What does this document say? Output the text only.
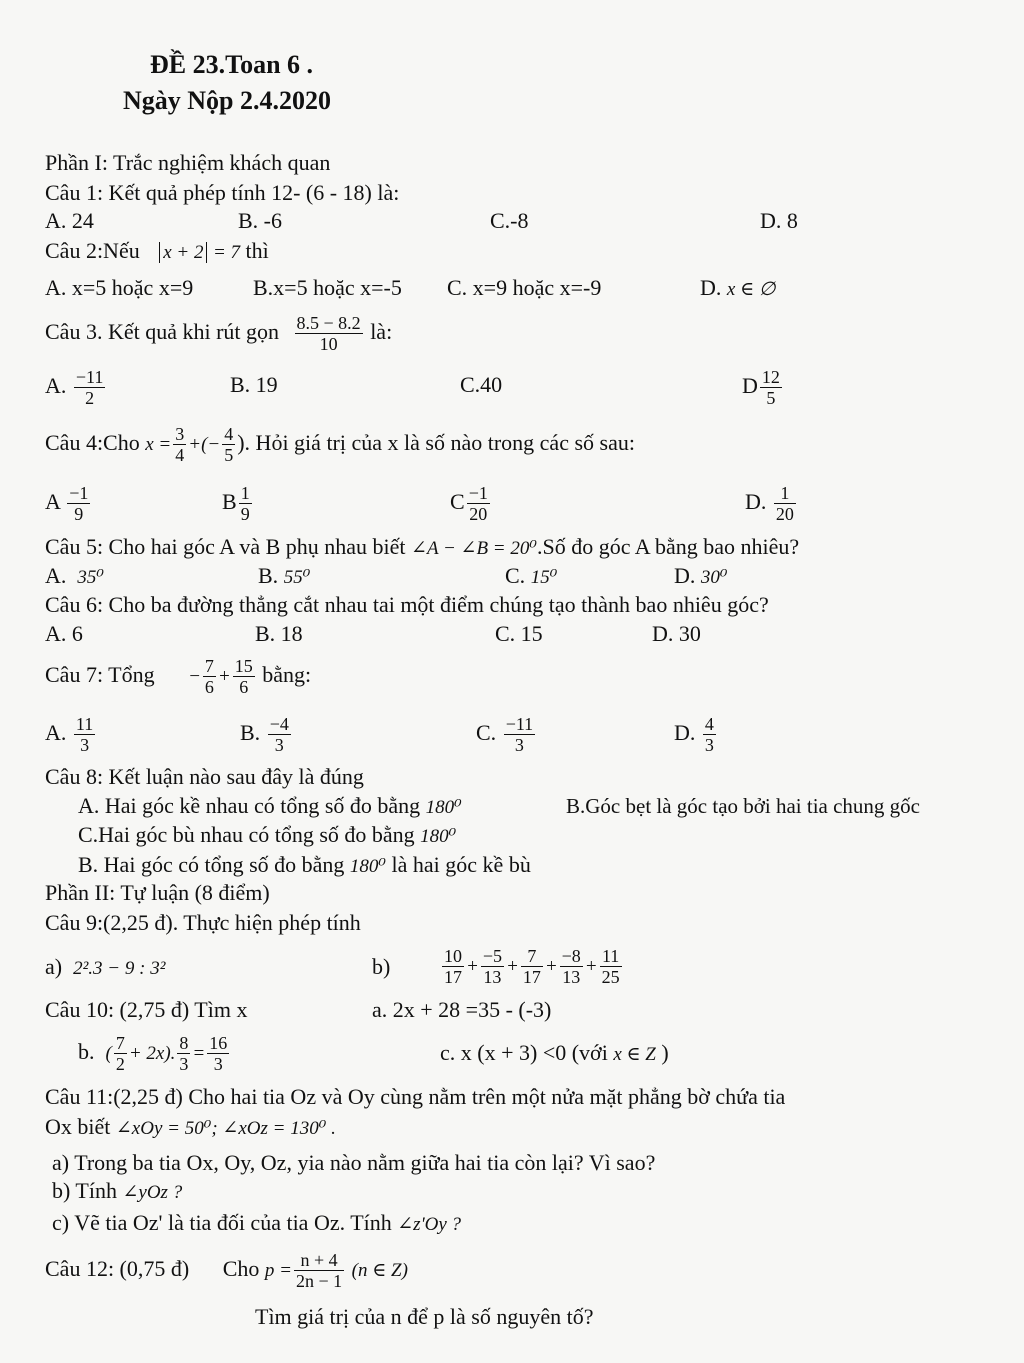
ĐỀ 23.Toan 6 .
Ngày Nộp 2.4.2020
Phần I: Trắc nghiệm khách quan
Câu 1: Kết quả phép tính 12- (6 - 18) là:
A. 24	B. -6	C.-8	D. 8
Câu 2:Nếu x + 2 = 7 thì
A. x=5 hoặc x=9	B.x=5 hoặc x=-5 C. x=9 hoặc x=-9	D. x ∈ ∅
Câu 3. Kết quả khi rút gọn $\frac{8.5 - 8.2}{10}$ là:
A. $\frac{-11}{2}$	B. 19	C.40	D $\frac{12}{5}$
Câu 4:Cho $x = \frac{3}{4}$ +(− $\frac{4}{5}$ ). Hỏi giá trị của x là số nào trong các số sau:
A $\frac{-1}{9}$	B $\frac{1}{9}$	C $\frac{-1}{20}$	D. $\frac{1}{20}$
Câu 5: Cho hai góc A và B phụ nhau biết ∠A − ∠B = 20⁰.Số đo góc A bằng bao nhiêu?
A. 35⁰	B. 55⁰	C. 15⁰	D. 30⁰
Câu 6: Cho ba đường thẳng cắt nhau tai một điểm chúng tạo thành bao nhiêu góc?
A. 6	B. 18	C. 15	D. 30
Câu 7: Tổng − $\frac{7}{6} + \frac{15}{6}$ bằng:
A. $\frac{11}{3}$	B. $\frac{-4}{3}$	C. $\frac{-11}{3}$	D. $\frac{4}{3}$
Câu 8: Kết luận nào sau đây là đúng
A. Hai góc kề nhau có tổng số đo bằng 180⁰	B.Góc bẹt là góc tạo bởi hai tia chung gốc
C.Hai góc bù nhau có tổng số đo bằng 180⁰
B. Hai góc có tổng số đo bằng 180⁰ là hai góc kề bù
Phần II: Tự luận (8 điểm)
Câu 9:(2,25 đ). Thực hiện phép tính
a) 2².3 − 9 : 3²	b)	$\frac{10}{17} + \frac{-5}{13} + \frac{7}{17} + \frac{-8}{13} + \frac{11}{25}$
Câu 10: (2,75 đ) Tìm x	a. 2x + 28 =35 - (-3)
b. ( $\frac{7}{2} + 2x$). $\frac{8}{3} = \frac{16}{3}$	c. x (x + 3) <0 (với x ∈ Z )
Câu 11:(2,25 đ) Cho hai tia Oz và Oy cùng nằm trên một nửa mặt phẳng bờ chứa tia
Ox biết ∠xOy = 50⁰; ∠xOz = 130⁰ .
a) Trong ba tia Ox, Oy, Oz, yia nào nằm giữa hai tia còn lại? Vì sao?
b) Tính ∠yOz ?
c) Vẽ tia Oz' là tia đối của tia Oz. Tính ∠z'Oy ?
Câu 12: (0,75 đ) Cho $p = \frac{n + 4}{2n - 1} (n$ ∈ Z)
Tìm giá trị của n để p là số nguyên tố?
